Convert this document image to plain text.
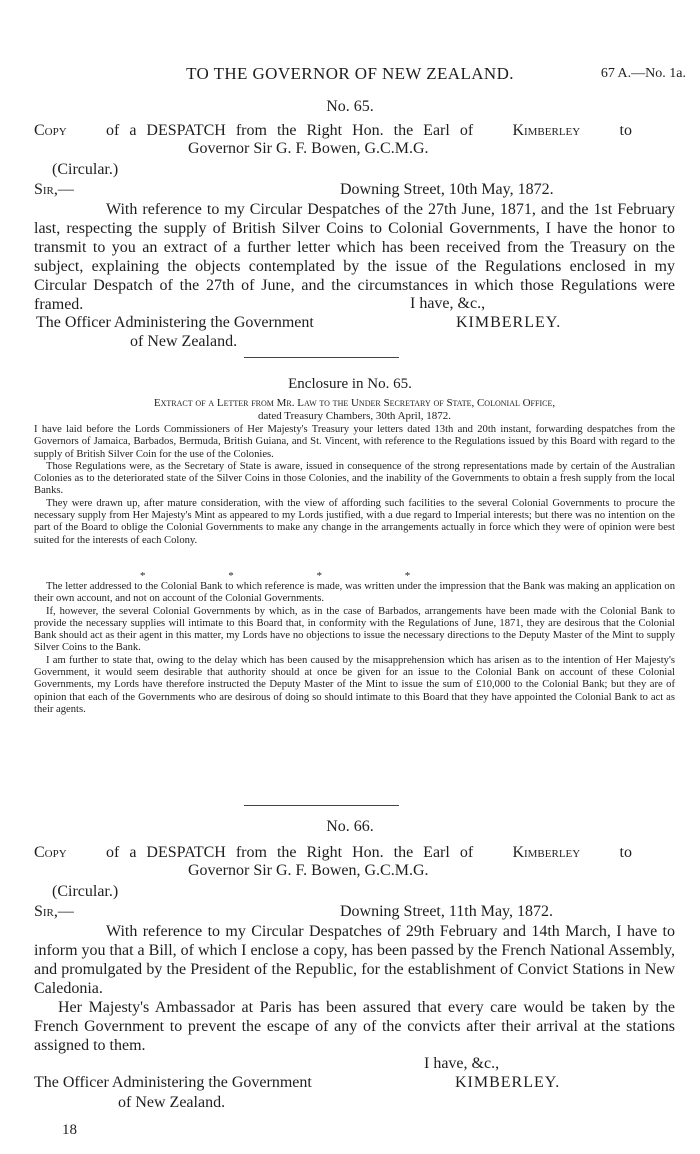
TO THE GOVERNOR OF NEW ZEALAND.	67 A.—No. 1a.
No. 65.
Copy of a DESPATCH from the Right Hon. the Earl of Kimberley to
Governor Sir G. F. Bowen, G.C.M.G.
(Circular.)
Sir,—	Downing Street, 10th May, 1872.

With reference to my Circular Despatches of the 27th June, 1871, and the 1st February last, respecting the supply of British Silver Coins to Colonial Governments, I have the honor to transmit to you an extract of a further letter which has been received from the Treasury on the subject, explaining the objects contemplated by the issue of the Regulations enclosed in my Circular Despatch of the 27th of June, and the circumstances in which those Regulations were framed.	I have, &c.,
The Officer Administering the Government	KIMBERLEY.
of New Zealand.
Enclosure in No. 65.
Extract of a Letter from Mr. Law to the Under Secretary of State, Colonial Office,
dated Treasury Chambers, 30th April, 1872.

I have laid before the Lords Commissioners of Her Majesty's Treasury your letters dated 13th and 20th instant, forwarding despatches from the Governors of Jamaica, Barbados, Bermuda, British Guiana, and St. Vincent, with reference to the Regulations issued by this Board with regard to the supply of British Silver Coin for the use of the Colonies.

Those Regulations were, as the Secretary of State is aware, issued in consequence of the strong representations made by certain of the Australian Colonies as to the deteriorated state of the Silver Coins in those Colonies, and the inability of the Governments to obtain a fresh supply from the local Banks.

They were drawn up, after mature consideration, with the view of affording such facilities to the several Colonial Governments to procure the necessary supply from Her Majesty's Mint as appeared to my Lords justified, with a due regard to Imperial interests; but there was no intention on the part of the Board to oblige the Colonial Governments to make any change in the arrangements actually in force which they were of opinion were best suited for the interests of each Colony.

* * * *

The letter addressed to the Colonial Bank to which reference is made, was written under the impression that the Bank was making an application on their own account, and not on account of the Colonial Governments.

If, however, the several Colonial Governments by which, as in the case of Barbados, arrangements have been made with the Colonial Bank to provide the necessary supplies will intimate to this Board that, in conformity with the Regulations of June, 1871, they are desirous that the Colonial Bank should act as their agent in this matter, my Lords have no objections to issue the necessary directions to the Deputy Master of the Mint to supply Silver Coins to the Bank.

I am further to state that, owing to the delay which has been caused by the misapprehension which has arisen as to the intention of Her Majesty's Government, it would seem desirable that authority should at once be given for an issue to the Colonial Bank on account of these Colonial Governments, my Lords have therefore instructed the Deputy Master of the Mint to issue the sum of £10,000 to the Colonial Bank; but they are of opinion that each of the Governments who are desirous of doing so should intimate to this Board that they have appointed the Colonial Bank to act as their agents.

No. 66.
Copy of a DESPATCH from the Right Hon. the Earl of Kimberley to
Governor Sir G. F. Bowen, G.C.M.G.
(Circular.)
Sir,—	Downing Street, 11th May, 1872.

With reference to my Circular Despatches of 29th February and 14th March, I have to inform you that a Bill, of which I enclose a copy, has been passed by the French National Assembly, and promulgated by the President of the Republic, for the establishment of Convict Stations in New Caledonia.

Her Majesty's Ambassador at Paris has been assured that every care would be taken by the French Government to prevent the escape of any of the convicts after their arrival at the stations assigned to them.

I have, &c.,
The Officer Administering the Government	KIMBERLEY.
of New Zealand.
18
